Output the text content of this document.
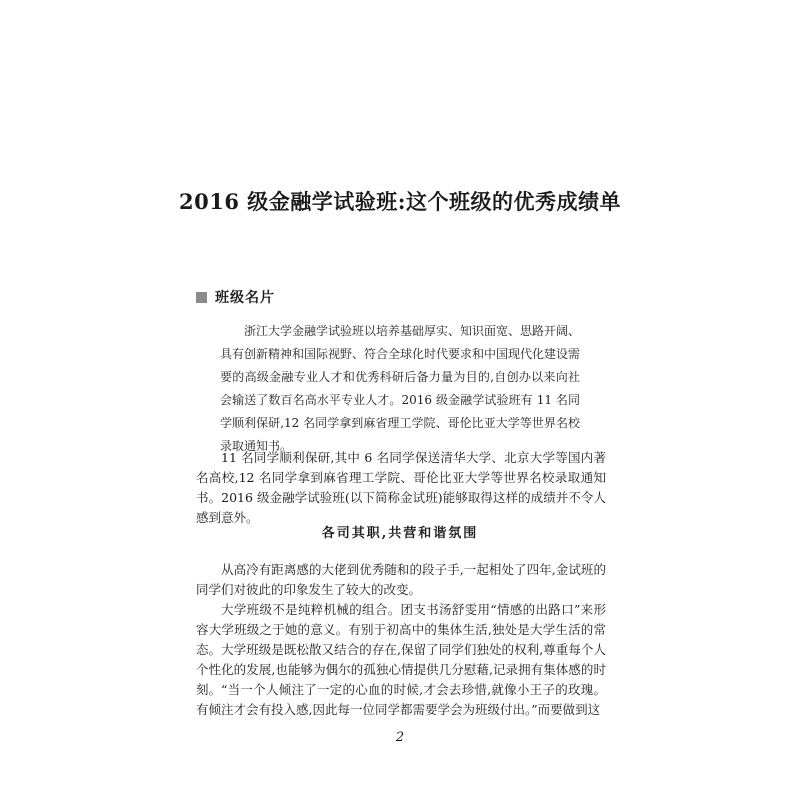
2016 级金融学试验班:这个班级的优秀成绩单
班级名片
浙江大学金融学试验班以培养基础厚实、知识面宽、思路开阔、具有创新精神和国际视野、符合全球化时代要求和中国现代化建设需要的高级金融专业人才和优秀科研后备力量为目的,自创办以来向社会输送了数百名高水平专业人才。2016 级金融学试验班有 11 名同学顺利保研,12 名同学拿到麻省理工学院、哥伦比亚大学等世界名校录取通知书。

11 名同学顺利保研,其中 6 名同学保送清华大学、北京大学等国内著名高校,12 名同学拿到麻省理工学院、哥伦比亚大学等世界名校录取通知书。2016 级金融学试验班(以下简称金试班)能够取得这样的成绩并不令人感到意外。

各司其职,共营和谐氛围

从高冷有距离感的大佬到优秀随和的段子手,一起相处了四年,金试班的同学们对彼此的印象发生了较大的改变。

大学班级不是纯粹机械的组合。团支书汤舒雯用“情感的出路口”来形容大学班级之于她的意义。有别于初高中的集体生活,独处是大学生活的常态。大学班级是既松散又结合的存在,保留了同学们独处的权利,尊重每个人个性化的发展,也能够为偶尔的孤独心情提供几分慰藉,记录拥有集体感的时刻。 “当一个人倾注了一定的心血的时候,才会去珍惜,就像小王子的玫瑰。有倾注才会有投入感,因此每一位同学都需要学会为班级付出。”而要做到这

2
